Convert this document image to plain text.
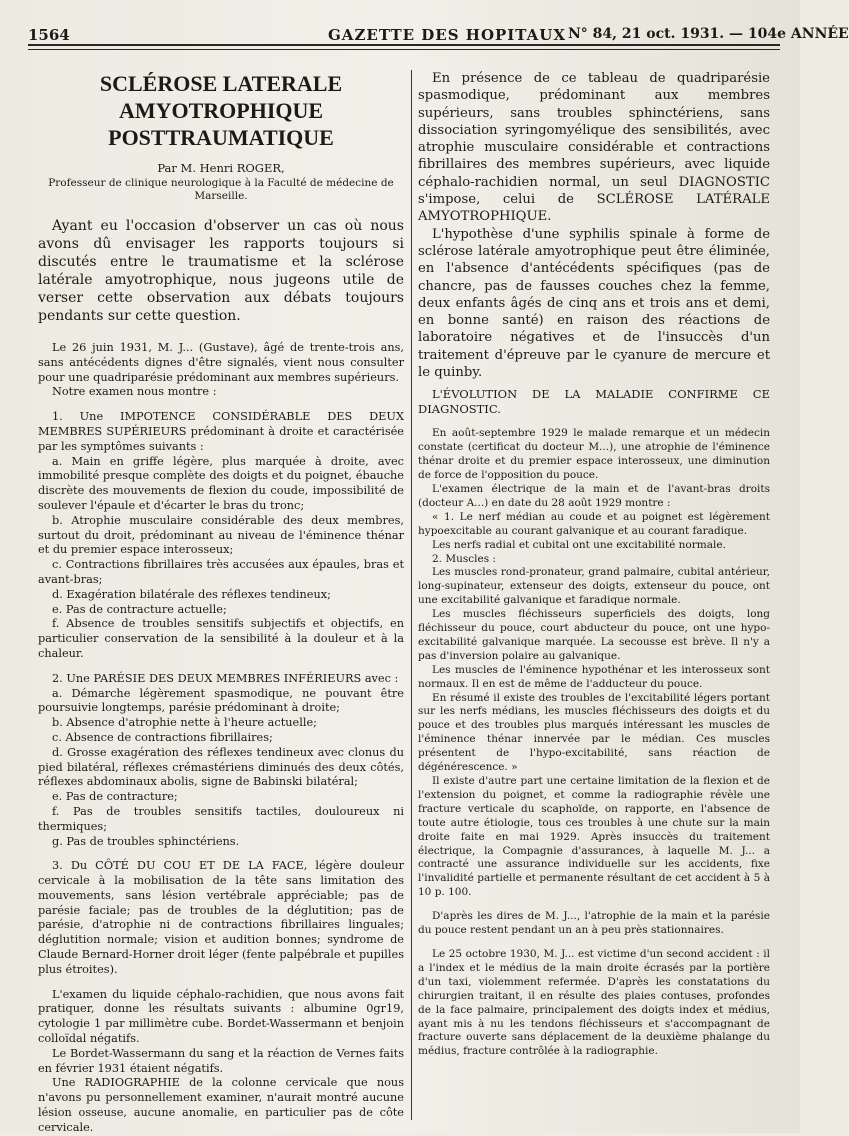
1564	GAZETTE DES HOPITAUX N° 84, 21 oct. 1931. — 104e ANNÉE
SCLÉROSE LATERALE AMYOTROPHIQUE
POSTTRAUMATIQUE
Par M. Henri ROGER,
Professeur de clinique neurologique à la Faculté de médecine de Marseille.

Ayant eu l'occasion d'observer un cas où nous avons dû envisager les rapports toujours si discutés entre le traumatisme et la sclérose latérale amyotrophique, nous jugeons utile de verser cette observation aux débats toujours pendants sur cette question.

Le 26 juin 1931, M. J... (Gustave), âgé de trente-trois ans, sans antécédents dignes d'être signalés, vient nous consulter pour une quadriparésie prédominant aux membres supérieurs.

Notre examen nous montre :

1. Une IMPOTENCE CONSIDÉRABLE DES DEUX MEMBRES SUPÉRIEURS prédominant à droite et caractérisée par les symptômes suivants :

a. Main en griffe légère, plus marquée à droite, avec immobilité presque complète des doigts et du poignet, ébauche discrète des mouvements de flexion du coude, impossibilité de soulever l'épaule et d'écarter le bras du tronc;

b. Atrophie musculaire considérable des deux membres, surtout du droit, prédominant au niveau de l'éminence thénar et du premier espace interosseux;

c. Contractions fibrillaires très accusées aux épaules, bras et avant-bras;

d. Exagération bilatérale des réflexes tendineux;

e. Pas de contracture actuelle;

f. Absence de troubles sensitifs subjectifs et objectifs, en particulier conservation de la sensibilité à la douleur et à la chaleur.

2. Une PARÉSIE DES DEUX MEMBRES INFÉRIEURS avec :

a. Démarche légèrement spasmodique, ne pouvant être poursuivie longtemps, parésie prédominant à droite;

b. Absence d'atrophie nette à l'heure actuelle;

c. Absence de contractions fibrillaires;

d. Grosse exagération des réflexes tendineux avec clonus du pied bilatéral, réflexes crémastériens diminués des deux côtés, réflexes abdominaux abolis, signe de Babinski bilatéral;

e. Pas de contracture;

f. Pas de troubles sensitifs tactiles, douloureux ni thermiques;

g. Pas de troubles sphinctériens.

3. Du CÔTÉ DU COU ET DE LA FACE, légère douleur cervicale à la mobilisation de la tête sans limitation des mouvements, sans lésion vertébrale appréciable; pas de parésie faciale; pas de troubles de la déglutition; pas de parésie, d'atrophie ni de contractions fibrillaires linguales; déglutition normale; vision et audition bonnes; syndrome de Claude Bernard-Horner droit léger (fente palpébrale et pupilles plus étroites).

L'examen du liquide céphalo-rachidien, que nous avons fait pratiquer, donne les résultats suivants : albumine 0gr19, cytologie 1 par millimètre cube. Bordet-Wassermann et benjoin colloïdal négatifs.

Le Bordet-Wassermann du sang et la réaction de Vernes faits en février 1931 étaient négatifs.

Une RADIOGRAPHIE de la colonne cervicale que nous n'avons pu personnellement examiner, n'aurait montré aucune lésion osseuse, aucune anomalie, en particulier pas de côte cervicale.

En présence de ce tableau de quadriparésie spasmodique, prédominant aux membres supérieurs, sans troubles sphinctériens, sans dissociation syringomyélique des sensibilités, avec atrophie musculaire considérable et contractions fibrillaires des membres supérieurs, avec liquide céphalo-rachidien normal, un seul DIAGNOSTIC s'impose, celui de SCLÉROSE LATÉRALE AMYOTROPHIQUE.

L'hypothèse d'une syphilis spinale à forme de sclérose latérale amyotrophique peut être éliminée, en l'absence d'antécédents spécifiques (pas de chancre, pas de fausses couches chez la femme, deux enfants âgés de cinq ans et trois ans et demi, en bonne santé) en raison des réactions de laboratoire négatives et de l'insuccès d'un traitement d'épreuve par le cyanure de mercure et le quinby.

L'ÉVOLUTION DE LA MALADIE CONFIRME CE DIAGNOSTIC.

En août-septembre 1929 le malade remarque et un médecin constate (certificat du docteur M...), une atrophie de l'éminence thénar droite et du premier espace interosseux, une diminution de force de l'opposition du pouce.

L'examen électrique de la main et de l'avant-bras droits (docteur A...) en date du 28 août 1929 montre :

« 1. Le nerf médian au coude et au poignet est légèrement hypoexcitable au courant galvanique et au courant faradique.

Les nerfs radial et cubital ont une excitabilité normale.

2. Muscles :

Les muscles rond-pronateur, grand palmaire, cubital antérieur, long-supinateur, extenseur des doigts, extenseur du pouce, ont une excitabilité galvanique et faradique normale.

Les muscles fléchisseurs superficiels des doigts, long fléchisseur du pouce, court abducteur du pouce, ont une hypo-excitabilité galvanique marquée. La secousse est brève. Il n'y a pas d'inversion polaire au galvanique.

Les muscles de l'éminence hypothénar et les interosseux sont normaux. Il en est de même de l'adducteur du pouce.

En résumé il existe des troubles de l'excitabilité légers portant sur les nerfs médians, les muscles fléchisseurs des doigts et du pouce et des troubles plus marqués intéressant les muscles de l'éminence thénar innervée par le médian. Ces muscles présentent de l'hypo-excitabilité, sans réaction de dégénérescence. »

Il existe d'autre part une certaine limitation de la flexion et de l'extension du poignet, et comme la radiographie révèle une fracture verticale du scaphoïde, on rapporte, en l'absence de toute autre étiologie, tous ces troubles à une chute sur la main droite faite en mai 1929. Après insuccès du traitement électrique, la Compagnie d'assurances, à laquelle M. J... a contracté une assurance individuelle sur les accidents, fixe l'invalidité partielle et permanente résultant de cet accident à 5 à 10 p. 100.

D'après les dires de M. J..., l'atrophie de la main et la parésie du pouce restent pendant un an à peu près stationnaires.

Le 25 octobre 1930, M. J... est victime d'un second accident : il a l'index et le médius de la main droite écrasés par la portière d'un taxi, violemment refermée. D'après les constatations du chirurgien traitant, il en résulte des plaies contuses, profondes de la face palmaire, principalement des doigts index et médius, ayant mis à nu les tendons fléchisseurs et s'accompagnant de fracture ouverte sans déplacement de la deuxième phalange du médius, fracture contrôlée à la radiographie.
